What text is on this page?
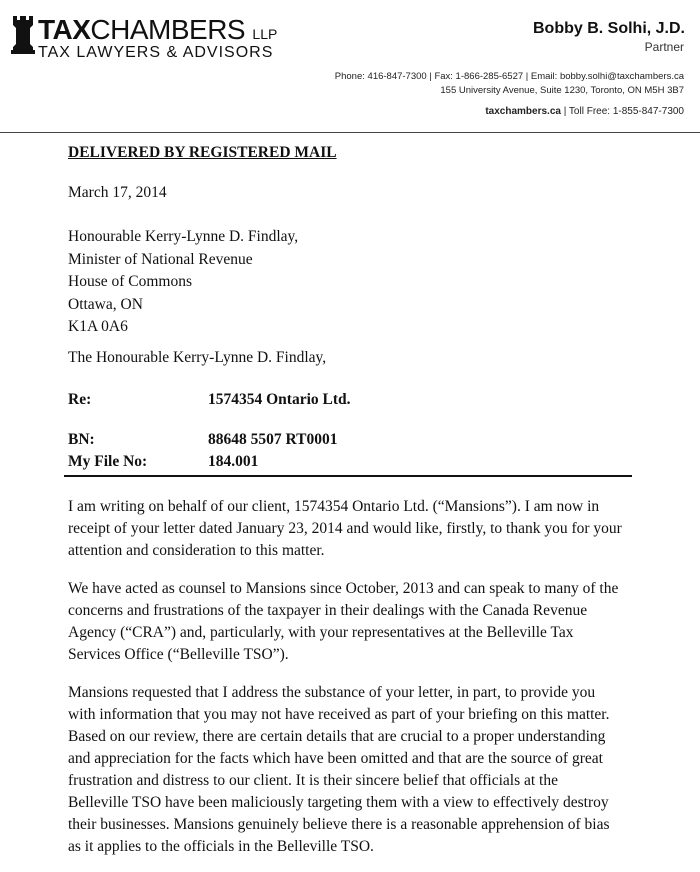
TAXCHAMBERS LLP
TAX LAWYERS & ADVISORS
Bobby B. Solhi, J.D.
Partner
Phone: 416-847-7300 | Fax: 1-866-285-6527 | Email: bobby.solhi@taxchambers.ca
155 University Avenue, Suite 1230, Toronto, ON M5H 3B7
taxchambers.ca | Toll Free: 1-855-847-7300
DELIVERED BY REGISTERED MAIL
March 17, 2014
Honourable Kerry-Lynne D. Findlay,
Minister of National Revenue
House of Commons
Ottawa, ON
K1A 0A6
The Honourable Kerry-Lynne D. Findlay,
Re:	1574354 Ontario Ltd.
BN:	88648 5507 RT0001
My File No:	184.001
I am writing on behalf of our client, 1574354 Ontario Ltd. (“Mansions”). I am now in
receipt of your letter dated January 23, 2014 and would like, firstly, to thank you for your
attention and consideration to this matter.
We have acted as counsel to Mansions since October, 2013 and can speak to many of the
concerns and frustrations of the taxpayer in their dealings with the Canada Revenue
Agency (“CRA”) and, particularly, with your representatives at the Belleville Tax
Services Office (“Belleville TSO”).
Mansions requested that I address the substance of your letter, in part, to provide you
with information that you may not have received as part of your briefing on this matter.
Based on our review, there are certain details that are crucial to a proper understanding
and appreciation for the facts which have been omitted and that are the source of great
frustration and distress to our client. It is their sincere belief that officials at the
Belleville TSO have been maliciously targeting them with a view to effectively destroy
their businesses. Mansions genuinely believe there is a reasonable apprehension of bias
as it applies to the officials in the Belleville TSO.
